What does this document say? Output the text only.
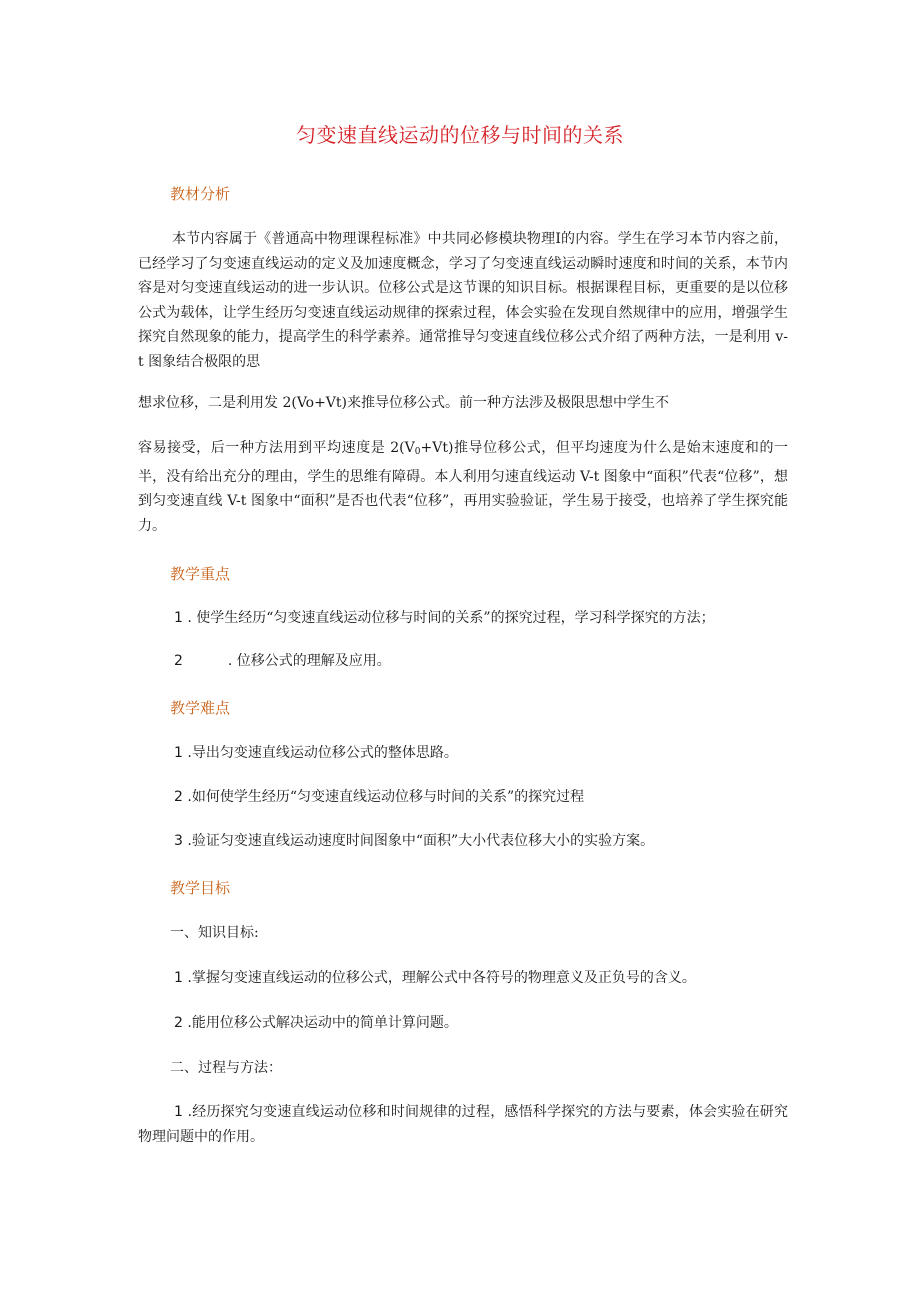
匀变速直线运动的位移与时间的关系
教材分析

本节内容属于《普通高中物理课程标准》中共同必修模块物理Ⅰ的内容。学生在学习本节内容之前，已经学习了匀变速直线运动的定义及加速度概念，学习了匀变速直线运动瞬时速度和时间的关系，本节内容是对匀变速直线运动的进一步认识。位移公式是这节课的知识目标。根据课程目标，更重要的是以位移公式为载体，让学生经历匀变速直线运动规律的探索过程，体会实验在发现自然规律中的应用，增强学生探究自然现象的能力，提高学生的科学素养。通常推导匀变速直线位移公式介绍了两种方法，一是利用 v-t 图象结合极限的思

想求位移，二是利用发 2(Vo+Vt)来推导位移公式。前一种方法涉及极限思想中学生不

容易接受，后一种方法用到平均速度是 $2(V_0+Vt)$推导位移公式，但平均速度为什么是始末速度和的一半，没有给出充分的理由，学生的思维有障碍。本人利用匀速直线运动 V-t 图象中“面积”代表“位移”，想到匀变速直线 V-t 图象中“面积”是否也代表“位移”，再用实验验证，学生易于接受，也培养了学生探究能力。

教学重点
1 . 使学生经历“匀变速直线运动位移与时间的关系”的探究过程，学习科学探究的方法；
2	. 位移公式的理解及应用。
教学难点
1 .导出匀变速直线运动位移公式的整体思路。
2 .如何使学生经历“匀变速直线运动位移与时间的关系”的探究过程
3 .验证匀变速直线运动速度时间图象中“面积”大小代表位移大小的实验方案。
教学目标
一、知识目标:
1 .掌握匀变速直线运动的位移公式，理解公式中各符号的物理意义及正负号的含义。
2 .能用位移公式解决运动中的简单计算问题。
二、过程与方法：

1 .经历探究匀变速直线运动位移和时间规律的过程，感悟科学探究的方法与要素，体会实验在研究物理问题中的作用。
